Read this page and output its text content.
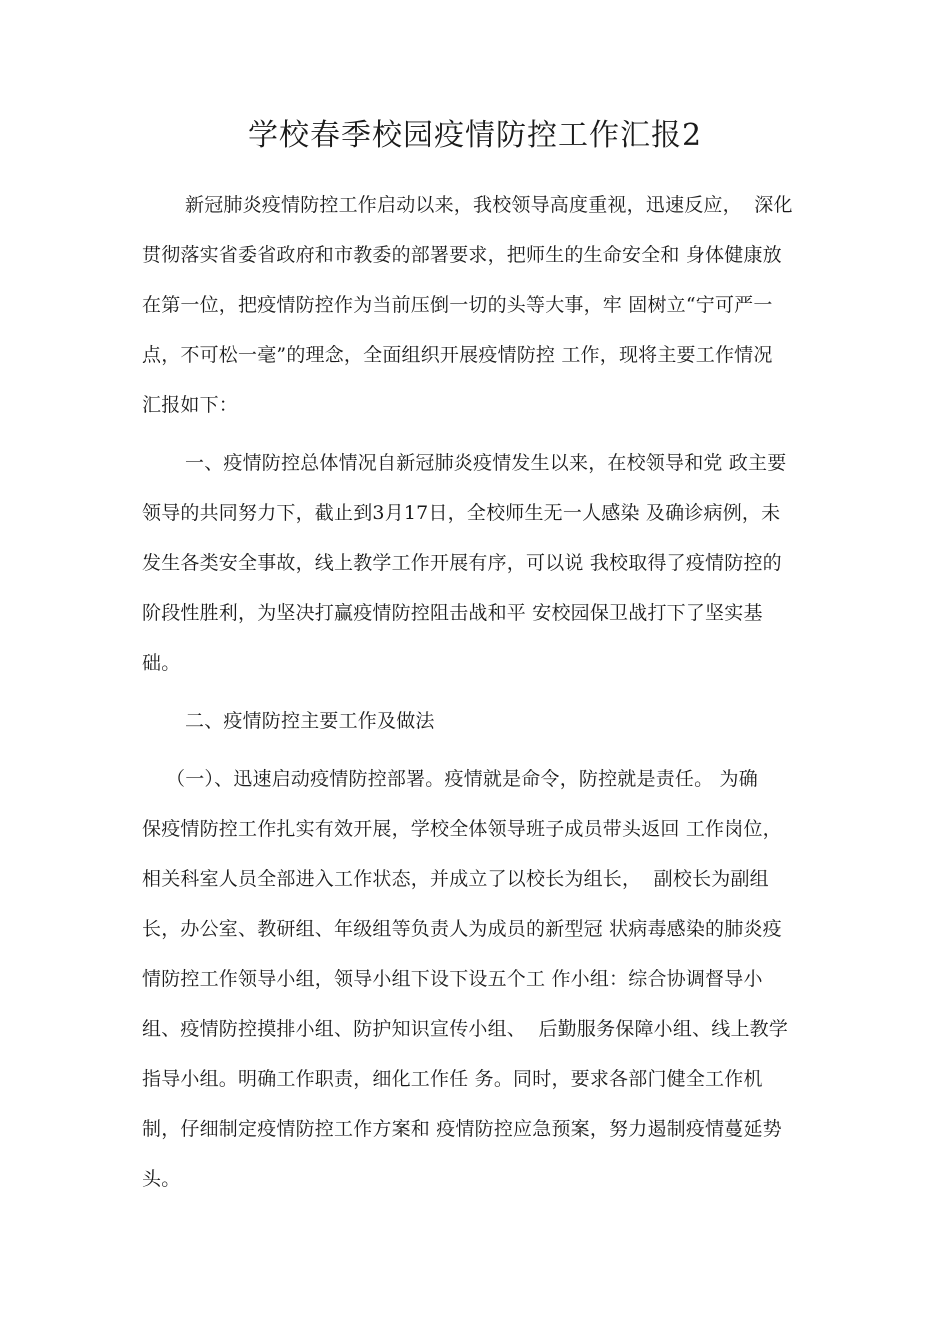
学校春季校园疫情防控工作汇报2
新冠肺炎疫情防控工作启动以来，我校领导高度重视，迅速反应，  深化
贯彻落实省委省政府和市教委的部署要求，把师生的生命安全和 身体健康放
在第一位，把疫情防控作为当前压倒一切的头等大事，牢 固树立“宁可严一
点，不可松一毫”的理念，全面组织开展疫情防控 工作，现将主要工作情况
汇报如下：
一、疫情防控总体情况自新冠肺炎疫情发生以来，在校领导和党 政主要
领导的共同努力下，截止到3月17日，全校师生无一人感染 及确诊病例，未
发生各类安全事故，线上教学工作开展有序，可以说 我校取得了疫情防控的
阶段性胜利，为坚决打赢疫情防控阻击战和平 安校园保卫战打下了坚实基
础。
二、疫情防控主要工作及做法
（一）、迅速启动疫情防控部署。疫情就是命令，防控就是责任。 为确
保疫情防控工作扎实有效开展，学校全体领导班子成员带头返回 工作岗位，
相关科室人员全部进入工作状态，并成立了以校长为组长，  副校长为副组
长，办公室、教研组、年级组等负责人为成员的新型冠 状病毒感染的肺炎疫
情防控工作领导小组，领导小组下设下设五个工 作小组：综合协调督导小
组、疫情防控摸排小组、防护知识宣传小组、  后勤服务保障小组、线上教学
指导小组。明确工作职责，细化工作任 务。同时，要求各部门健全工作机
制，仔细制定疫情防控工作方案和 疫情防控应急预案，努力遏制疫情蔓延势
头。
